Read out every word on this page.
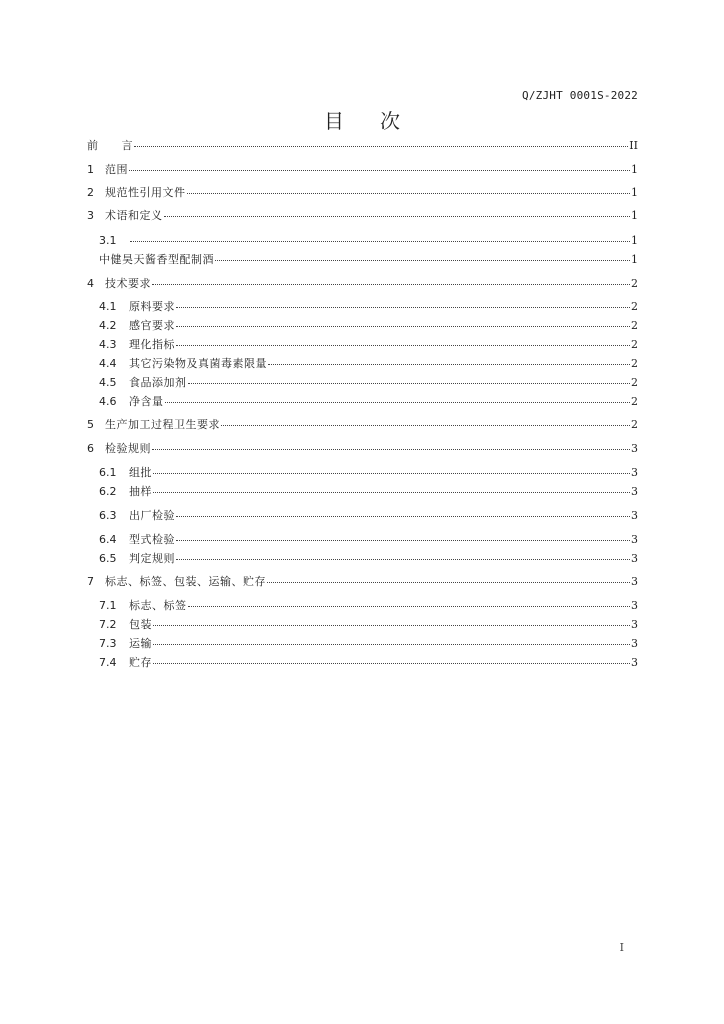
Q/ZJHT 0001S-2022
目次
前　　言	II
1	范围	1
2	规范性引用文件	1
3	术语和定义	1
3.1	1
中健昊天酱香型配制酒	1
4	技术要求	2
4.1	原料要求	2
4.2	感官要求	2
4.3	理化指标	2
4.4	其它污染物及真菌毒素限量	2
4.5	食品添加剂	2
4.6	净含量	2
5	生产加工过程卫生要求	2
6	检验规则	3
6.1	组批	3
6.2	抽样	3
6.3	出厂检验	3
6.4	型式检验	3
6.5	判定规则	3
7	标志、标签、包装、运输、贮存	3
7.1	标志、标签	3
7.2	包装	3
7.3	运输	3
7.4	贮存	3
I
